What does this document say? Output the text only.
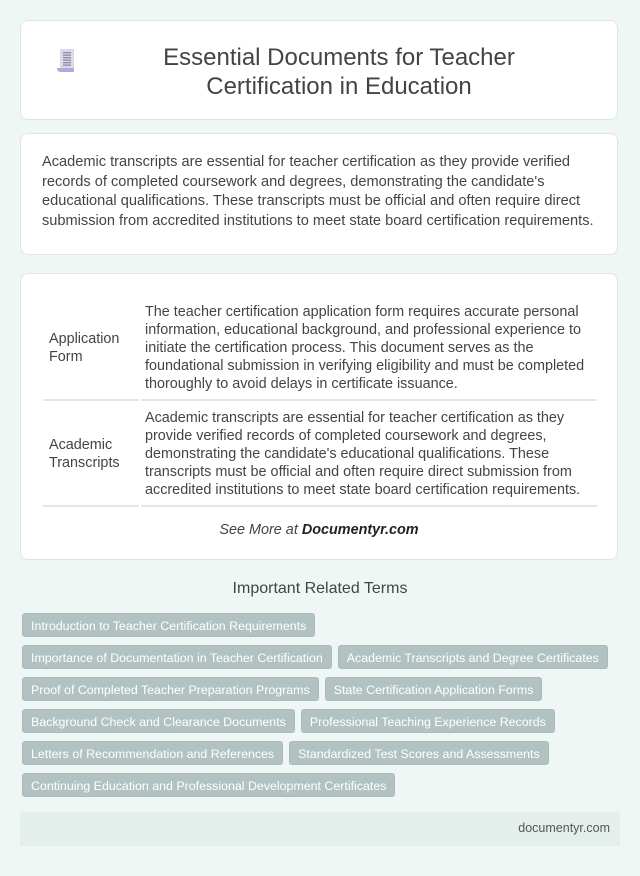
Essential Documents for Teacher Certification in Education

Academic transcripts are essential for teacher certification as they provide verified records of completed coursework and degrees, demonstrating the candidate's educational qualifications. These transcripts must be official and often require direct submission from accredited institutions to meet state board certification requirements.

Application Form	The teacher certification application form requires accurate personal information, educational background, and professional experience to initiate the certification process. This document serves as the foundational submission in verifying eligibility and must be completed thoroughly to avoid delays in certificate issuance.
Academic Transcripts	Academic transcripts are essential for teacher certification as they provide verified records of completed coursework and degrees, demonstrating the candidate's educational qualifications. These transcripts must be official and often require direct submission from accredited institutions to meet state board certification requirements.
See More at Documentyr.com
Important Related Terms
Introduction to Teacher Certification Requirements
Importance of Documentation in Teacher Certification	Academic Transcripts and Degree Certificates
Proof of Completed Teacher Preparation Programs	State Certification Application Forms
Background Check and Clearance Documents	Professional Teaching Experience Records
Letters of Recommendation and References	Standardized Test Scores and Assessments
Continuing Education and Professional Development Certificates
documentyr.com
